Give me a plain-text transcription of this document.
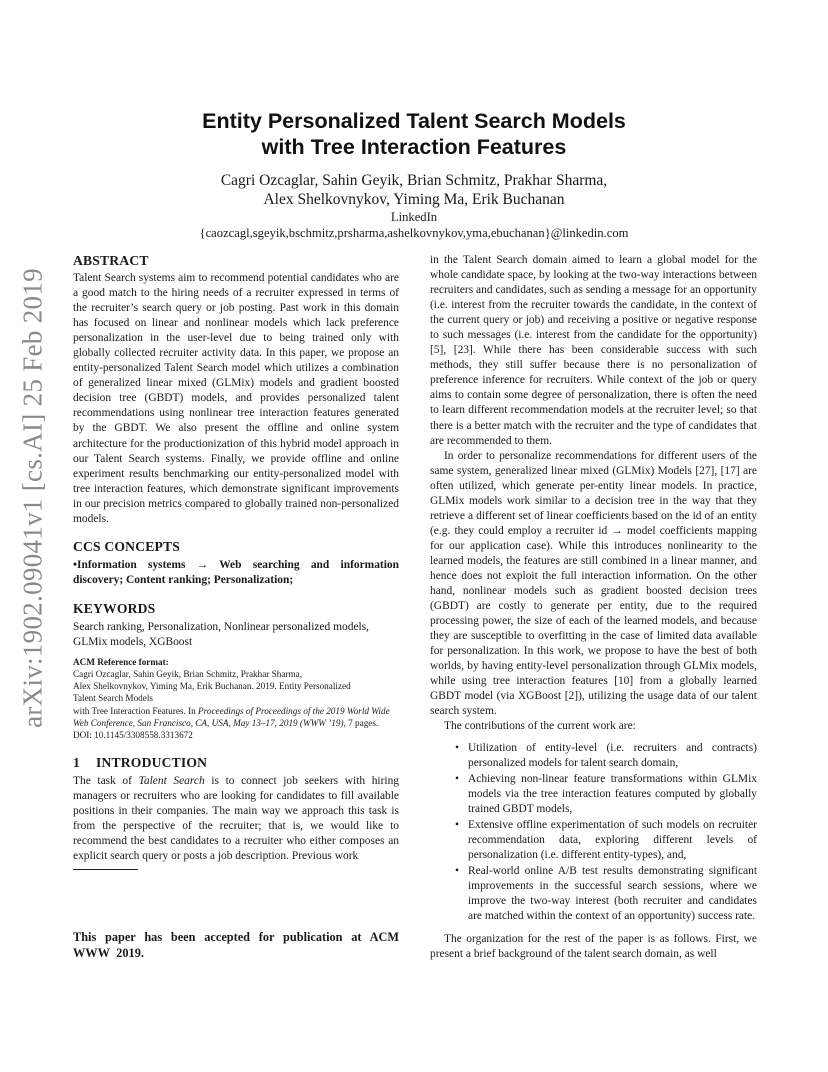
arXiv:1902.09041v1 [cs.AI] 25 Feb 2019
Entity Personalized Talent Search Models
with Tree Interaction Features
Cagri Ozcaglar, Sahin Geyik, Brian Schmitz, Prakhar Sharma,
Alex Shelkovnykov, Yiming Ma, Erik Buchanan
LinkedIn
{caozcagl,sgeyik,bschmitz,prsharma,ashelkovnykov,yma,ebuchanan}@linkedin.com
ABSTRACT

Talent Search systems aim to recommend potential candidates who are a good match to the hiring needs of a recruiter expressed in terms of the recruiter’s search query or job posting. Past work in this domain has focused on linear and nonlinear models which lack preference personalization in the user-level due to being trained only with globally collected recruiter activity data. In this paper, we propose an entity-personalized Talent Search model which utilizes a combination of generalized linear mixed (GLMix) models and gradient boosted decision tree (GBDT) models, and provides personalized talent recommendations using nonlinear tree interaction features generated by the GBDT. We also present the offline and online system architecture for the productionization of this hybrid model approach in our Talent Search systems. Finally, we provide offline and online experiment results benchmarking our entity-personalized model with tree interaction features, which demonstrate significant improvements in our precision metrics compared to globally trained non-personalized models.

CCS CONCEPTS

•Information systems → Web searching and information discovery; Content ranking; Personalization;

KEYWORDS

Search ranking, Personalization, Nonlinear personalized models, GLMix models, XGBoost

ACM Reference format:
Cagri Ozcaglar, Sahin Geyik, Brian Schmitz, Prakhar Sharma,
Alex Shelkovnykov, Yiming Ma, Erik Buchanan. 2019. Entity Personalized
Talent Search Models
with Tree Interaction Features. In Proceedings of Proceedings of the 2019 World Wide Web Conference, San Francisco, CA, USA, May 13–17, 2019 (WWW ’19), 7 pages.
DOI: 10.1145/3308558.3313672
1 INTRODUCTION

The task of Talent Search is to connect job seekers with hiring managers or recruiters who are looking for candidates to fill available positions in their companies. The main way we approach this task is from the perspective of the recruiter; that is, we would like to recommend the best candidates to a recruiter who either composes an explicit search query or posts a job description. Previous work

This paper has been accepted for publication at ACM WWW 2019.

in the Talent Search domain aimed to learn a global model for the whole candidate space, by looking at the two-way interactions between recruiters and candidates, such as sending a message for an opportunity (i.e. interest from the recruiter towards the candidate, in the context of the current query or job) and receiving a positive or negative response to such messages (i.e. interest from the candidate for the opportunity) [5], [23]. While there has been considerable success with such methods, they still suffer because there is no personalization of preference inference for recruiters. While context of the job or query aims to contain some degree of personalization, there is often the need to learn different recommendation models at the recruiter level; so that there is a better match with the recruiter and the type of candidates that are recommended to them.

In order to personalize recommendations for different users of the same system, generalized linear mixed (GLMix) Models [27], [17] are often utilized, which generate per-entity linear models. In practice, GLMix models work similar to a decision tree in the way that they retrieve a different set of linear coefficients based on the id of an entity (e.g. they could employ a recruiter id → model coefficients mapping for our application case). While this introduces nonlinearity to the learned models, the features are still combined in a linear manner, and hence does not exploit the full interaction information. On the other hand, nonlinear models such as gradient boosted decision trees (GBDT) are costly to generate per entity, due to the required processing power, the size of each of the learned models, and because they are susceptible to overfitting in the case of limited data available for personalization. In this work, we propose to have the best of both worlds, by having entity-level personalization through GLMix models, while using tree interaction features [10] from a globally learned GBDT model (via XGBoost [2]), utilizing the usage data of our talent search system.

The contributions of the current work are:

• Utilization of entity-level (i.e. recruiters and contracts) personalized models for talent search domain,
• Achieving non-linear feature transformations within GLMix models via the tree interaction features computed by globally trained GBDT models,
• Extensive offline experimentation of such models on recruiter recommendation data, exploring different levels of personalization (i.e. different entity-types), and,
• Real-world online A/B test results demonstrating significant improvements in the successful search sessions, where we improve the two-way interest (both recruiter and candidates are matched within the context of an opportunity) success rate.

The organization for the rest of the paper is as follows. First, we present a brief background of the talent search domain, as well
